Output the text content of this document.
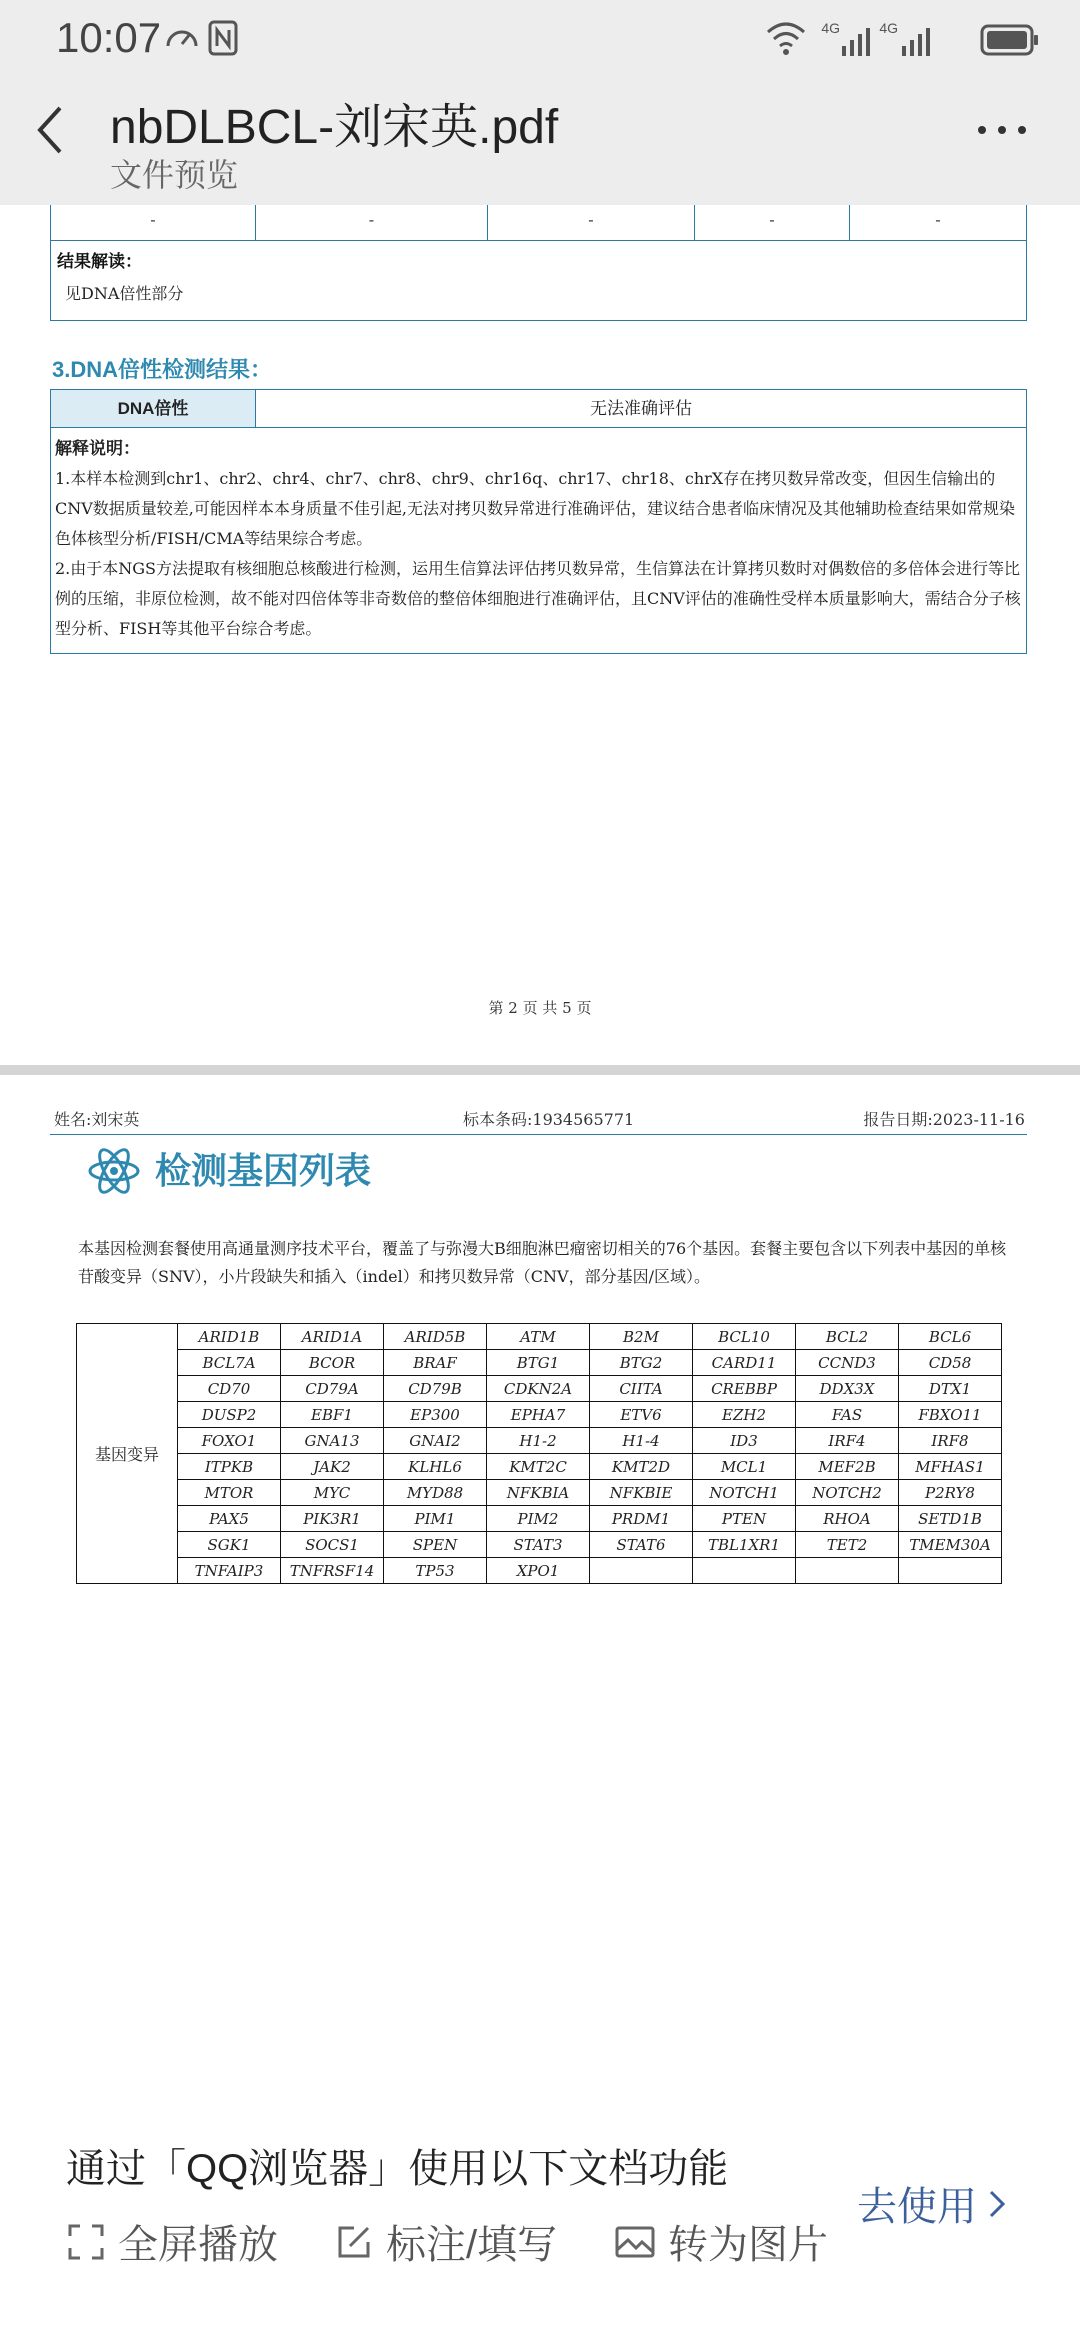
10:07	4G	4G
nbDLBCL-刘宋英.pdf
文件预览
-	-	-	-	-
结果解读：
见DNA倍性部分
3.DNA倍性检测结果：
DNA倍性	无法准确评估
解释说明：
1.本样本检测到chr1、chr2、chr4、chr7、chr8、chr9、chr16q、chr17、chr18、chrX存在拷贝数异常改变，但因生信输出的CNV数据质量较差,可能因样本本身质量不佳引起,无法对拷贝数异常进行准确评估，建议结合患者临床情况及其他辅助检查结果如常规染色体核型分析/FISH/CMA等结果综合考虑。
2.由于本NGS方法提取有核细胞总核酸进行检测，运用生信算法评估拷贝数异常，生信算法在计算拷贝数时对偶数倍的多倍体会进行等比例的压缩，非原位检测，故不能对四倍体等非奇数倍的整倍体细胞进行准确评估，且CNV评估的准确性受样本质量影响大，需结合分子核型分析、FISH等其他平台综合考虑。
第 2 页 共 5 页
姓名:刘宋英	标本条码:1934565771	报告日期:2023-11-16
检测基因列表
本基因检测套餐使用高通量测序技术平台，覆盖了与弥漫大B细胞淋巴瘤密切相关的76个基因。套餐主要包含以下列表中基因的单核苷酸变异（SNV），小片段缺失和插入（indel）和拷贝数异常（CNV，部分基因/区域）。
基因变异	ARID1B	ARID1A	ARID5B	ATM	B2M	BCL10	BCL2	BCL6
	BCL7A	BCOR	BRAF	BTG1	BTG2	CARD11	CCND3	CD58
	CD70	CD79A	CD79B	CDKN2A	CIITA	CREBBP	DDX3X	DTX1
	DUSP2	EBF1	EP300	EPHA7	ETV6	EZH2	FAS	FBXO11
	FOXO1	GNA13	GNAI2	H1-2	H1-4	ID3	IRF4	IRF8
	ITPKB	JAK2	KLHL6	KMT2C	KMT2D	MCL1	MEF2B	MFHAS1
	MTOR	MYC	MYD88	NFKBIA	NFKBIE	NOTCH1	NOTCH2	P2RY8
	PAX5	PIK3R1	PIM1	PIM2	PRDM1	PTEN	RHOA	SETD1B
	SGK1	SOCS1	SPEN	STAT3	STAT6	TBL1XR1	TET2	TMEM30A
	TNFAIP3	TNFRSF14	TP53	XPO1				
通过「QQ浏览器」使用以下文档功能
全屏播放	标注/填写	转为图片
去使用
